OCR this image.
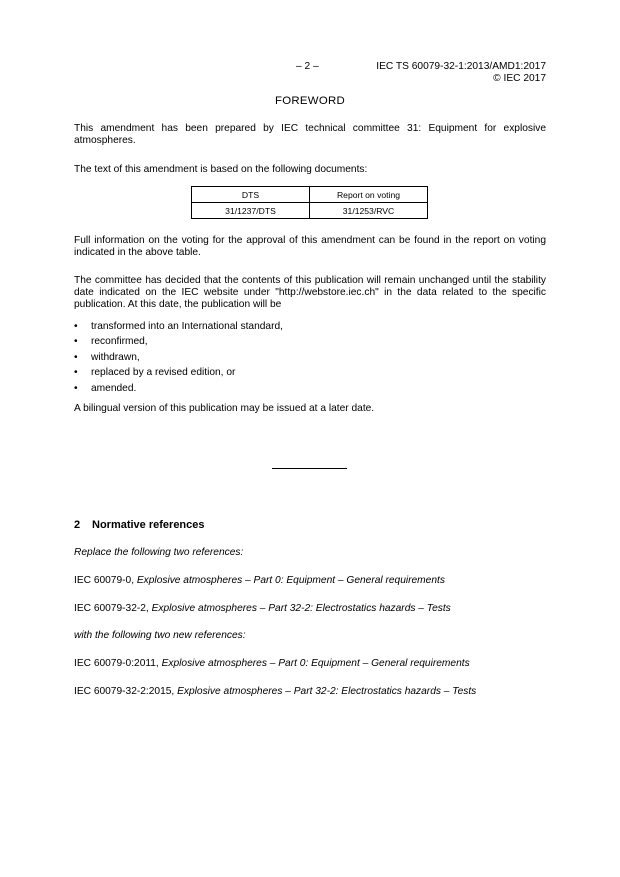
– 2 –	IEC TS 60079-32-1:2013/AMD1:2017
© IEC 2017
FOREWORD

This amendment has been prepared by IEC technical committee 31: Equipment for explosive atmospheres.

The text of this amendment is based on the following documents:

DTS	Report on voting
31/1237/DTS	31/1253/RVC

Full information on the voting for the approval of this amendment can be found in the report on voting indicated in the above table.

The committee has decided that the contents of this publication will remain unchanged until the stability date indicated on the IEC website under "http://webstore.iec.ch" in the data related to the specific publication. At this date, the publication will be

• transformed into an International standard,
• reconfirmed,
• withdrawn,
• replaced by a revised edition, or
• amended.

A bilingual version of this publication may be issued at a later date.

2 Normative references
Replace the following two references:
IEC 60079-0, Explosive atmospheres – Part 0: Equipment – General requirements
IEC 60079-32-2, Explosive atmospheres – Part 32-2: Electrostatics hazards – Tests
with the following two new references:
IEC 60079-0:2011, Explosive atmospheres – Part 0: Equipment – General requirements
IEC 60079-32-2:2015, Explosive atmospheres – Part 32-2: Electrostatics hazards – Tests
